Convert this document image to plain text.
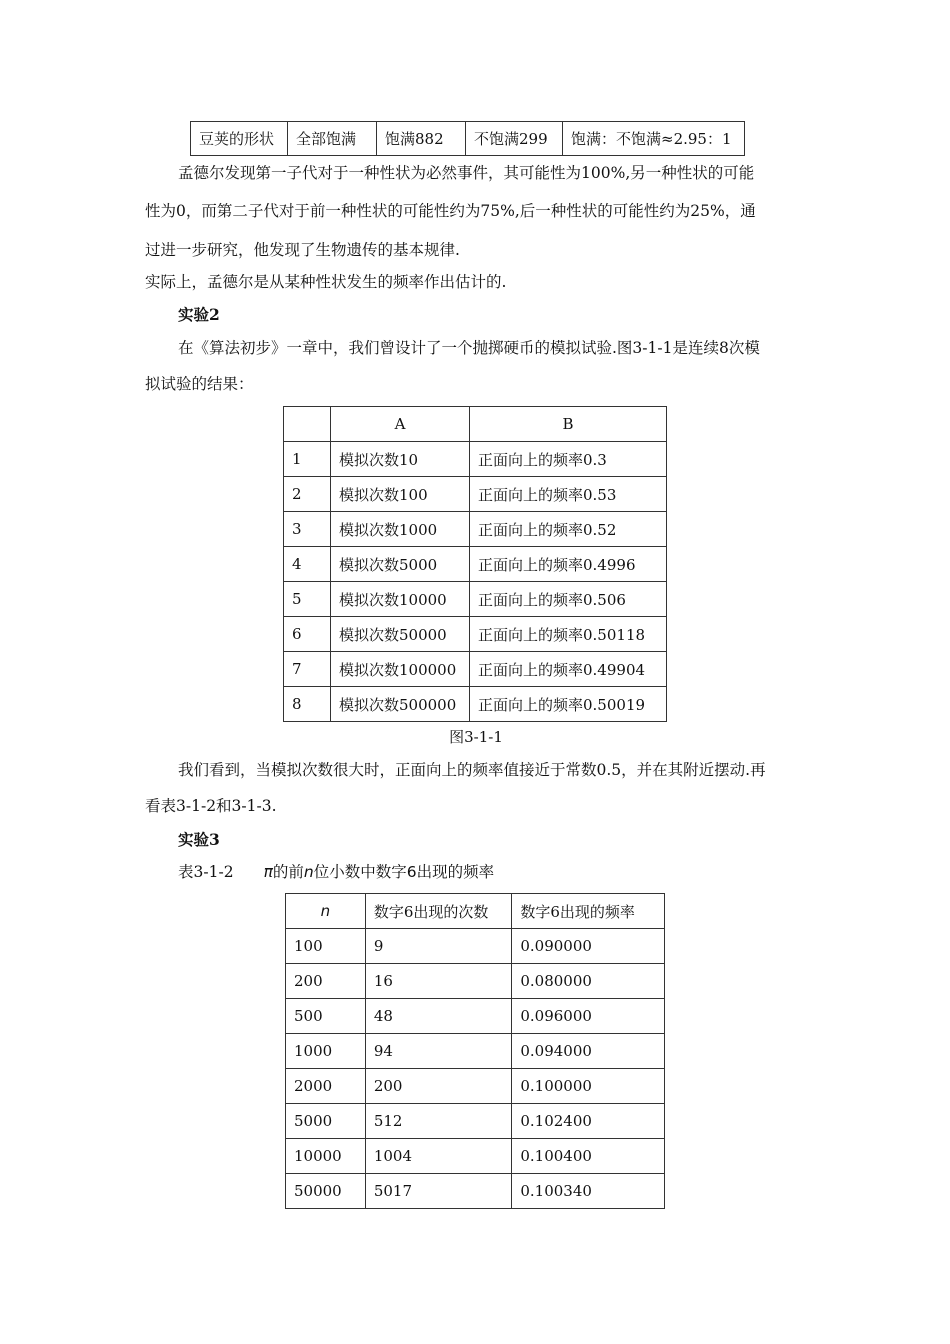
豆荚的形状	全部饱满	饱满882	不饱满299	饱满：不饱满≈2.95：1
孟德尔发现第一子代对于一种性状为必然事件，其可能性为100%,另一种性状的可能
性为0，而第二子代对于前一种性状的可能性约为75%,后一种性状的可能性约为25%，通
过进一步研究，他发现了生物遗传的基本规律.
实际上，孟德尔是从某种性状发生的频率作出估计的.
实验2
在《算法初步》一章中，我们曾设计了一个抛掷硬币的模拟试验.图3-1-1是连续8次模
拟试验的结果：
	A	B
1	模拟次数10	正面向上的频率0.3
2	模拟次数100	正面向上的频率0.53
3	模拟次数1000	正面向上的频率0.52
4	模拟次数5000	正面向上的频率0.4996
5	模拟次数10000	正面向上的频率0.506
6	模拟次数50000	正面向上的频率0.50118
7	模拟次数100000	正面向上的频率0.49904
8	模拟次数500000	正面向上的频率0.50019
图3-1-1
我们看到，当模拟次数很大时，正面向上的频率值接近于常数0.5，并在其附近摆动.再
看表3-1-2和3-1-3.
实验3
表3-1-2 π的前n位小数中数字6出现的频率
n	数字6出现的次数	数字6出现的频率
100	9	0.090000
200	16	0.080000
500	48	0.096000
1000	94	0.094000
2000	200	0.100000
5000	512	0.102400
10000	1004	0.100400
50000	5017	0.100340
